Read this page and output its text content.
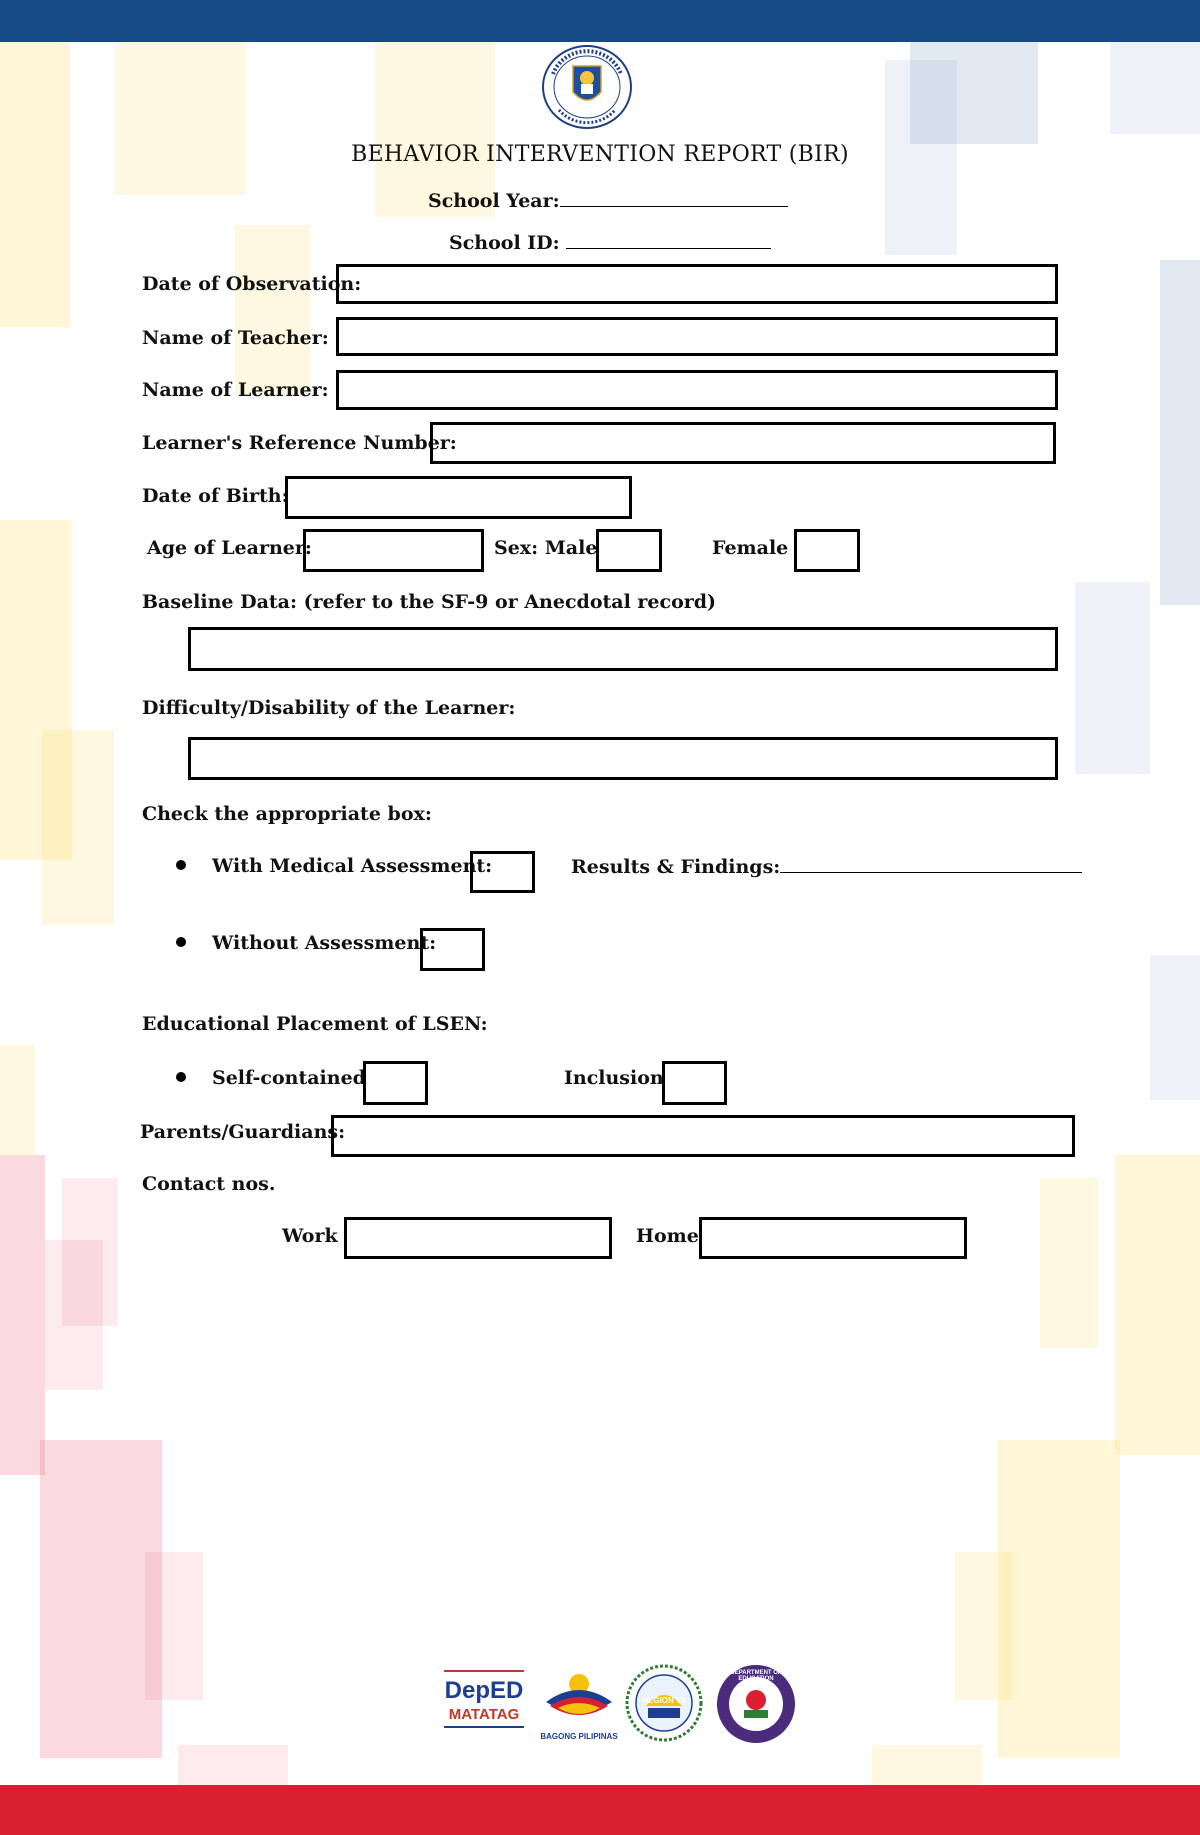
BEHAVIOR INTERVENTION REPORT (BIR)
School Year:
School ID:
Date of Observation:
Name of Teacher:
Name of Learner:
Learner's Reference Number:
Date of Birth:
Age of Learner:	Sex: Male	Female
Baseline Data: (refer to the SF-9 or Anecdotal record)
Difficulty/Disability of the Learner:
Check the appropriate box:
With Medical Assessment:	Results & Findings:
Without Assessment:
Educational Placement of LSEN:
Self-contained	Inclusion
Parents/Guardians:
Contact nos.
Work	Home
DepED
MATATAG
BAGONG PILIPINAS
REGION VII
DEPARTMENT OF EDUCATION
